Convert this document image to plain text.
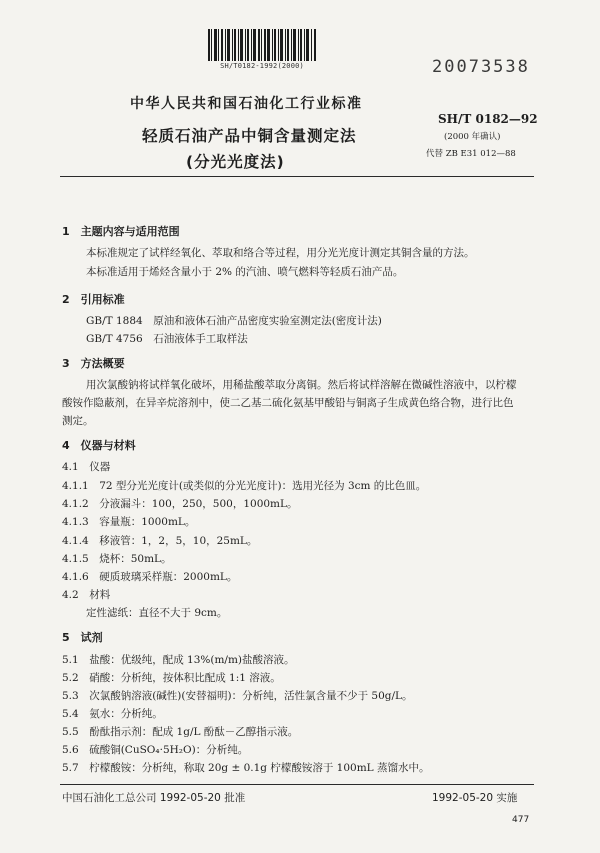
SH/T0182-1992(2000)	20073538
中华人民共和国石油化工行业标准
轻质石油产品中铜含量测定法
(分光光度法)
SH/T 0182—92
(2000 年确认)
代替 ZB E31 012—88
1　主题内容与适用范围
本标准规定了试样经氧化、萃取和络合等过程，用分光光度计测定其铜含量的方法。
本标准适用于烯烃含量小于 2% 的汽油、喷气燃料等轻质石油产品。
2　引用标准
GB/T 1884　原油和液体石油产品密度实验室测定法(密度计法)
GB/T 4756　石油液体手工取样法
3　方法概要
用次氯酸钠将试样氧化破坏，用稀盐酸萃取分离铜。然后将试样溶解在微碱性溶液中，以柠檬
酸铵作隐蔽剂，在异辛烷溶剂中，使二乙基二硫化氨基甲酸铅与铜离子生成黄色络合物，进行比色
测定。
4　仪器与材料
4.1　仪器
4.1.1　72 型分光光度计(或类似的分光光度计)：选用光径为 3cm 的比色皿。
4.1.2　分液漏斗：100，250，500，1000mL。
4.1.3　容量瓶：1000mL。
4.1.4　移液管：1，2，5，10，25mL。
4.1.5　烧杯：50mL。
4.1.6　硬质玻璃采样瓶：2000mL。
4.2　材料
定性滤纸：直径不大于 9cm。
5　试剂
5.1　盐酸：优级纯，配成 13%(m/m)盐酸溶液。
5.2　硝酸：分析纯，按体积比配成 1:1 溶液。
5.3　次氯酸钠溶液(碱性)(安替福明)：分析纯，活性氯含量不少于 50g/L。
5.4　氨水：分析纯。
5.5　酚酞指示剂：配成 1g/L 酚酞－乙醇指示液。
5.6　硫酸铜(CuSO₄·5H₂O)：分析纯。
5.7　柠檬酸铵：分析纯，称取 20g ± 0.1g 柠檬酸铵溶于 100mL 蒸馏水中。
中国石油化工总公司 1992-05-20 批准	1992-05-20 实施
477
